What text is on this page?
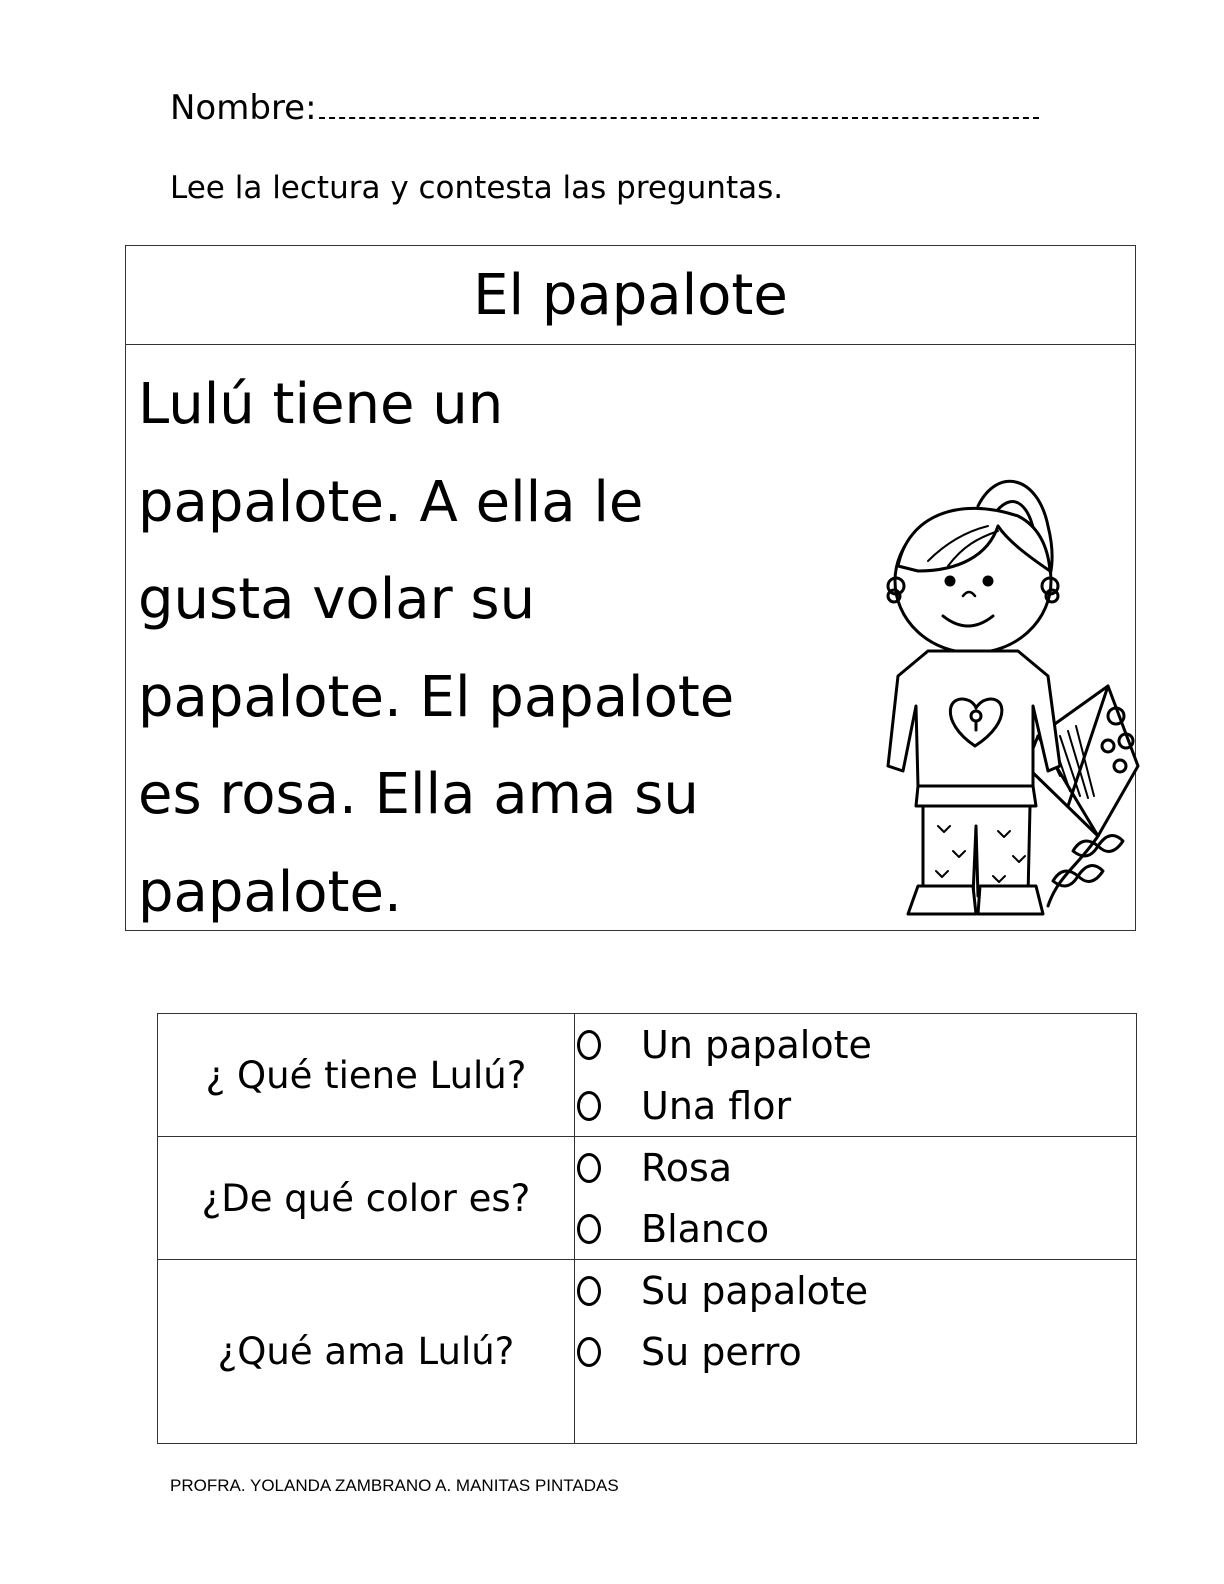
Nombre:
Lee la lectura y contesta las preguntas.
El papalote
Lulú tiene un
papalote. A ella le
gusta volar su
papalote. El papalote
es rosa. Ella ama su
papalote.
¿ Qué tiene Lulú?	Un papalote
Una flor

¿De qué color es?	Rosa
Blanco

¿Qué ama Lulú?	Su papalote
Su perro
PROFRA. YOLANDA ZAMBRANO A. MANITAS PINTADAS
